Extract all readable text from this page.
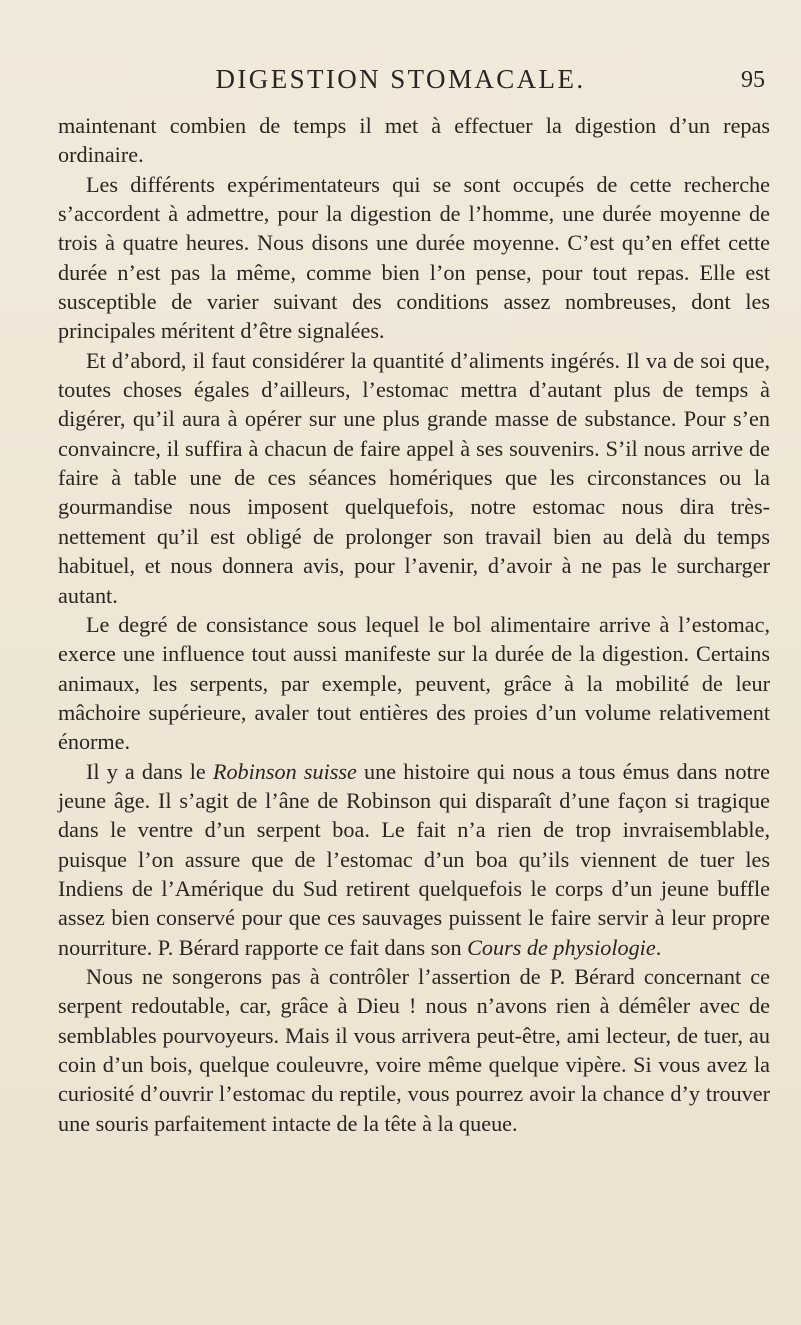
DIGESTION STOMACALE.	95

maintenant combien de temps il met à effectuer la digestion d’un repas ordinaire.

Les différents expérimentateurs qui se sont occupés de cette recherche s’accordent à admettre, pour la digestion de l’homme, une durée moyenne de trois à quatre heures. Nous disons une durée moyenne. C’est qu’en effet cette durée n’est pas la même, comme bien l’on pense, pour tout repas. Elle est susceptible de varier suivant des conditions assez nombreuses, dont les principales méritent d’être signalées.

Et d’abord, il faut considérer la quantité d’aliments ingérés. Il va de soi que, toutes choses égales d’ailleurs, l’estomac mettra d’autant plus de temps à digérer, qu’il aura à opérer sur une plus grande masse de substance. Pour s’en convaincre, il suffira à chacun de faire appel à ses souvenirs. S’il nous arrive de faire à table une de ces séances homériques que les circonstances ou la gourmandise nous imposent quelquefois, notre estomac nous dira très-nettement qu’il est obligé de prolonger son travail bien au delà du temps habituel, et nous donnera avis, pour l’avenir, d’avoir à ne pas le surcharger autant.

Le degré de consistance sous lequel le bol alimentaire arrive à l’estomac, exerce une influence tout aussi manifeste sur la durée de la digestion. Certains animaux, les serpents, par exemple, peuvent, grâce à la mobilité de leur mâchoire supérieure, avaler tout entières des proies d’un volume relativement énorme.

Il y a dans le Robinson suisse une histoire qui nous a tous émus dans notre jeune âge. Il s’agit de l’âne de Robinson qui disparaît d’une façon si tragique dans le ventre d’un serpent boa. Le fait n’a rien de trop invraisemblable, puisque l’on assure que de l’estomac d’un boa qu’ils viennent de tuer les Indiens de l’Amérique du Sud retirent quelquefois le corps d’un jeune buffle assez bien conservé pour que ces sauvages puissent le faire servir à leur propre nourriture. P. Bérard rapporte ce fait dans son Cours de physiologie.

Nous ne songerons pas à contrôler l’assertion de P. Bérard concernant ce serpent redoutable, car, grâce à Dieu ! nous n’avons rien à démêler avec de semblables pourvoyeurs. Mais il vous arrivera peut-être, ami lecteur, de tuer, au coin d’un bois, quelque couleuvre, voire même quelque vipère. Si vous avez la curiosité d’ouvrir l’estomac du reptile, vous pourrez avoir la chance d’y trouver une souris parfaitement intacte de la tête à la queue.
